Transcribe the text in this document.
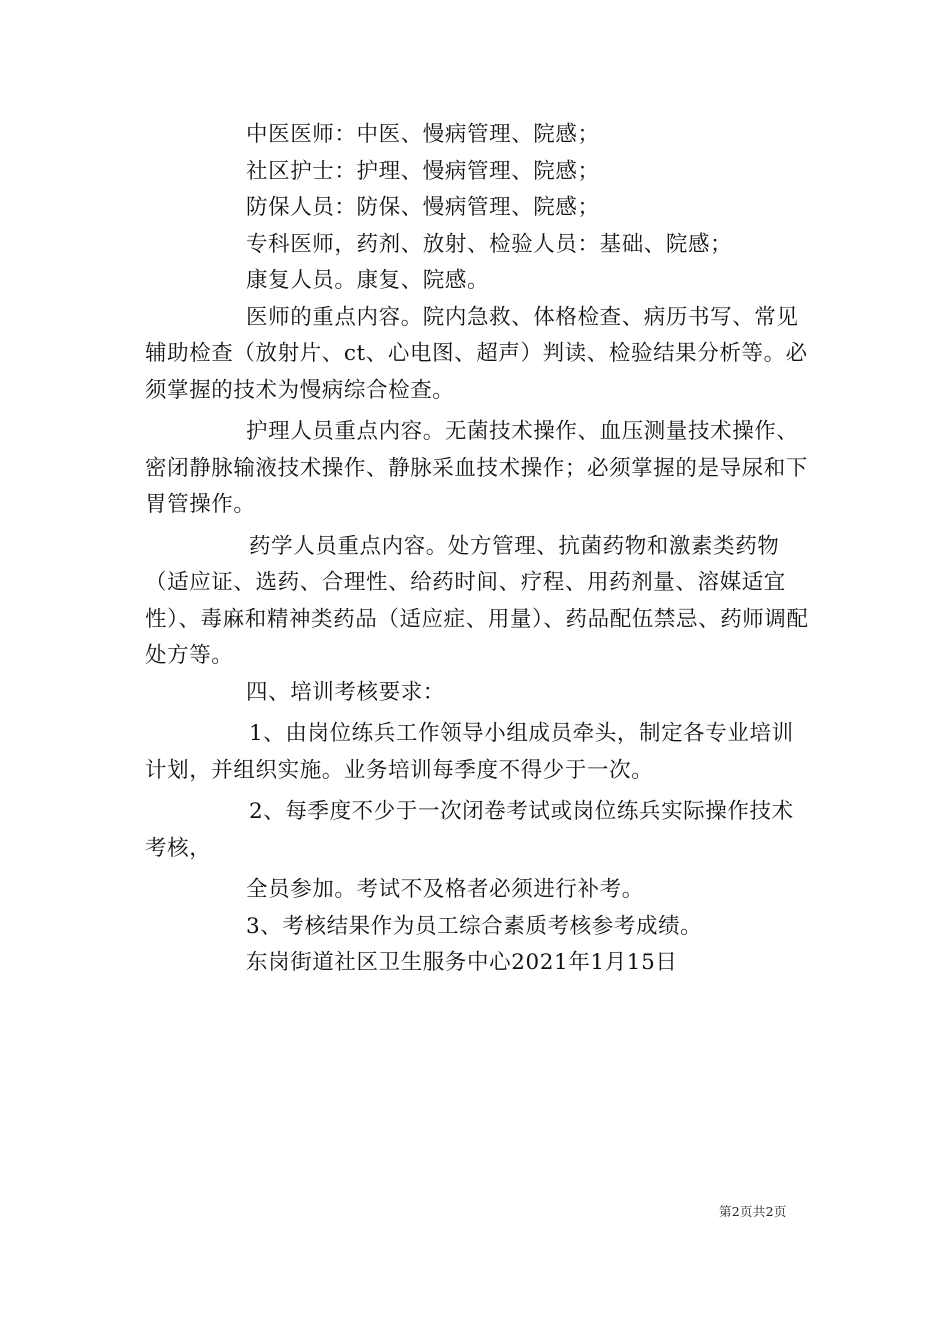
中医医师：中医、慢病管理、院感；

社区护士：护理、慢病管理、院感；

防保人员：防保、慢病管理、院感；

专科医师，药剂、放射、检验人员：基础、院感；

康复人员。康复、院感。

医师的重点内容。院内急救、体格检查、病历书写、常见辅助检查（放射片、ct、心电图、超声）判读、检验结果分析等。必须掌握的技术为慢病综合检查。

护理人员重点内容。无菌技术操作、血压测量技术操作、密闭静脉输液技术操作、静脉采血技术操作；必须掌握的是导尿和下胃管操作。

药学人员重点内容。处方管理、抗菌药物和激素类药物（适应证、选药、合理性、给药时间、疗程、用药剂量、溶媒适宜性）、毒麻和精神类药品（适应症、用量）、药品配伍禁忌、药师调配处方等。

四、培训考核要求：

1、由岗位练兵工作领导小组成员牵头，制定各专业培训计划，并组织实施。业务培训每季度不得少于一次。

2、每季度不少于一次闭卷考试或岗位练兵实际操作技术考核，

全员参加。考试不及格者必须进行补考。

3、考核结果作为员工综合素质考核参考成绩。

东岗街道社区卫生服务中心2021年1月15日

第2页共2页
